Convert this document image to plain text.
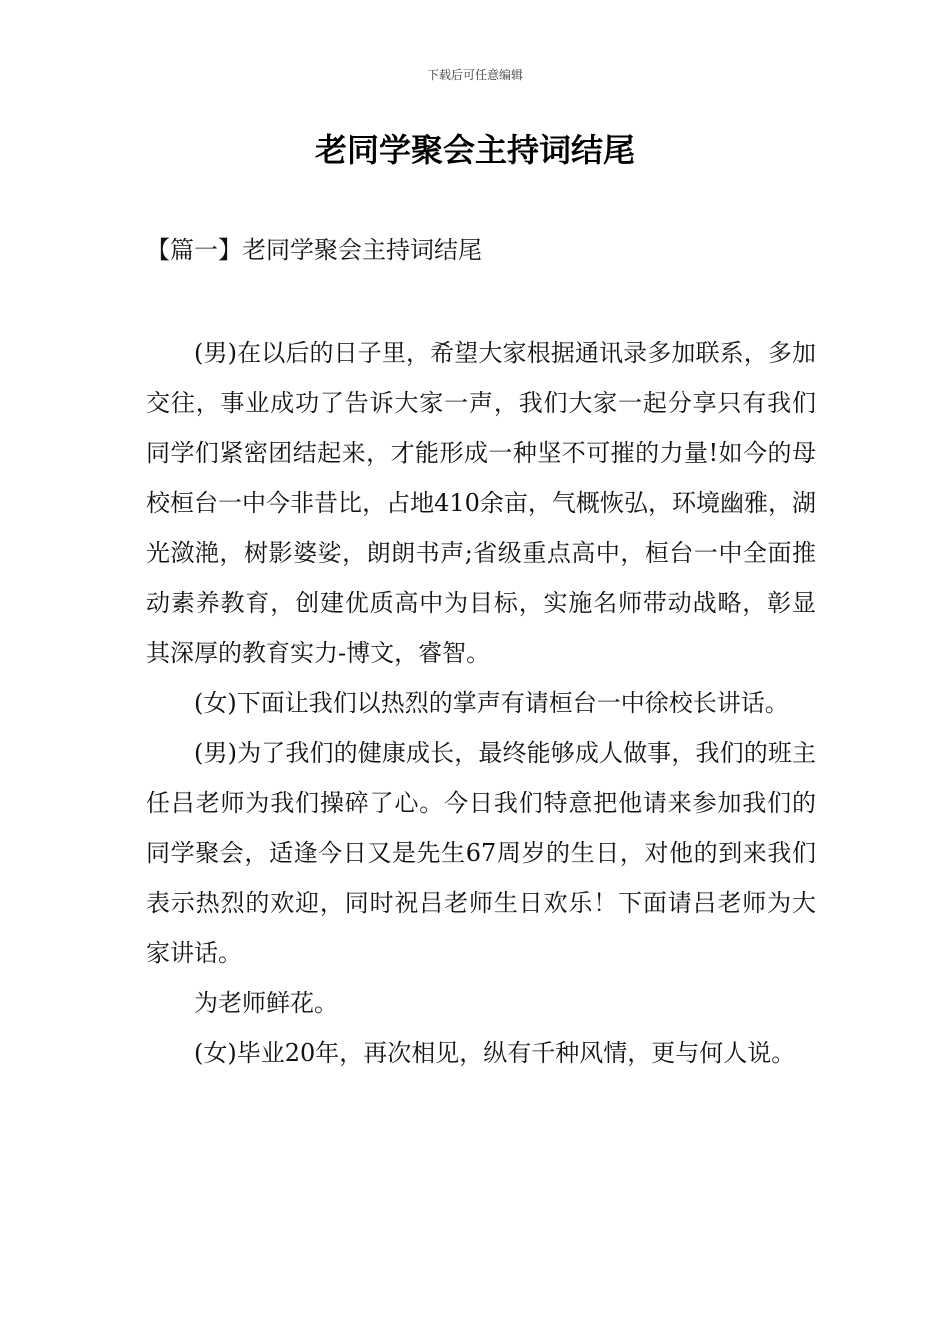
下载后可任意编辑
老同学聚会主持词结尾
【篇一】老同学聚会主持词结尾

(男)在以后的日子里，希望大家根据通讯录多加联系，多加交往，事业成功了告诉大家一声，我们大家一起分享只有我们同学们紧密团结起来，才能形成一种坚不可摧的力量!如今的母校桓台一中今非昔比，占地410余亩，气概恢弘，环境幽雅，湖光潋滟，树影婆娑，朗朗书声;省级重点高中，桓台一中全面推动素养教育，创建优质高中为目标，实施名师带动战略，彰显其深厚的教育实力-博文，睿智。

(女)下面让我们以热烈的掌声有请桓台一中徐校长讲话。

(男)为了我们的健康成长，最终能够成人做事，我们的班主任吕老师为我们操碎了心。今日我们特意把他请来参加我们的同学聚会，适逢今日又是先生67周岁的生日，对他的到来我们表示热烈的欢迎，同时祝吕老师生日欢乐！下面请吕老师为大家讲话。

为老师鲜花。

(女)毕业20年，再次相见，纵有千种风情，更与何人说。
